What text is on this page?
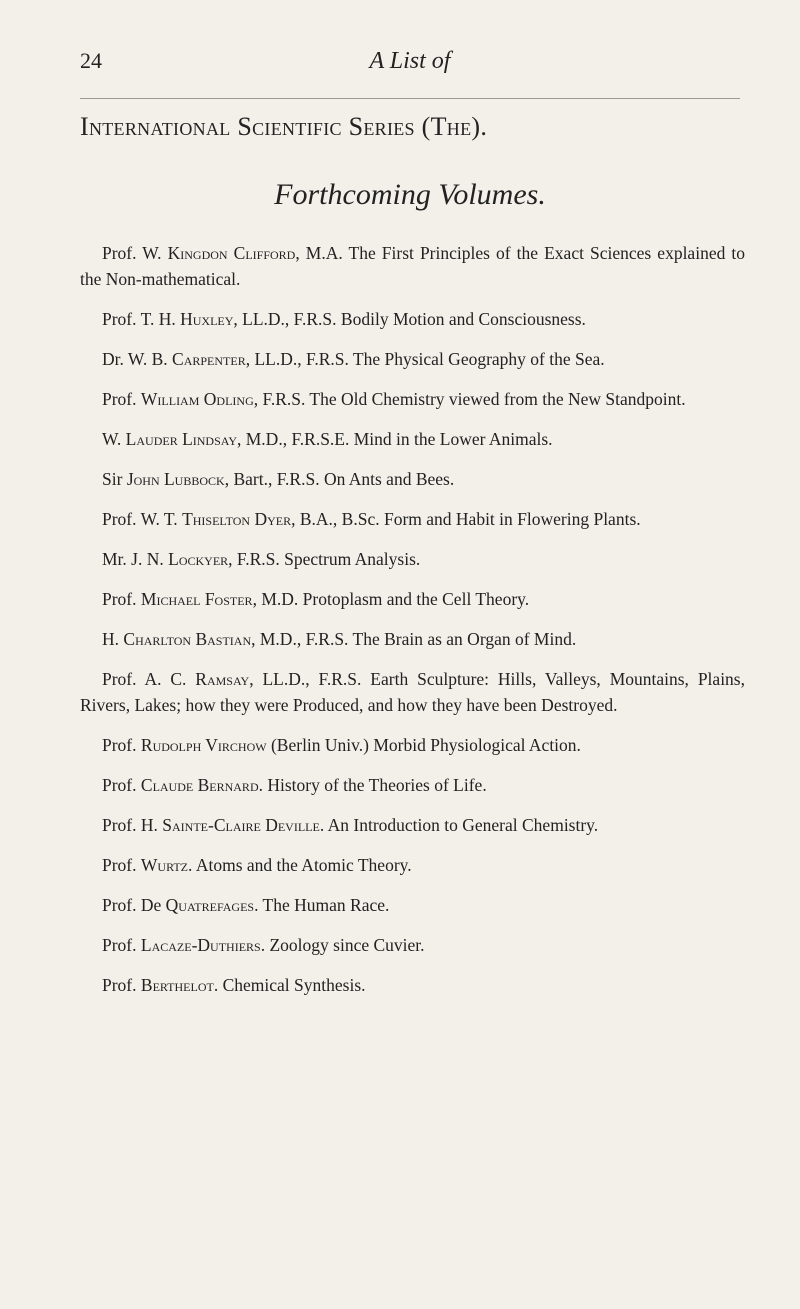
24	A List of
International Scientific Series (The).
Forthcoming Volumes.

Prof. W. Kingdon Clifford, M.A. The First Principles of the Exact Sciences explained to the Non-mathematical.

Prof. T. H. Huxley, LL.D., F.R.S. Bodily Motion and Consciousness.

Dr. W. B. Carpenter, LL.D., F.R.S. The Physical Geography of the Sea.

Prof. William Odling, F.R.S. The Old Chemistry viewed from the New Standpoint.

W. Lauder Lindsay, M.D., F.R.S.E. Mind in the Lower Animals.

Sir John Lubbock, Bart., F.R.S. On Ants and Bees.

Prof. W. T. Thiselton Dyer, B.A., B.Sc. Form and Habit in Flowering Plants.

Mr. J. N. Lockyer, F.R.S. Spectrum Analysis.

Prof. Michael Foster, M.D. Protoplasm and the Cell Theory.

H. Charlton Bastian, M.D., F.R.S. The Brain as an Organ of Mind.

Prof. A. C. Ramsay, LL.D., F.R.S. Earth Sculpture: Hills, Valleys, Mountains, Plains, Rivers, Lakes; how they were Produced, and how they have been Destroyed.

Prof. Rudolph Virchow (Berlin Univ.) Morbid Physiological Action.

Prof. Claude Bernard. History of the Theories of Life.

Prof. H. Sainte-Claire Deville. An Introduction to General Chemistry.

Prof. Wurtz. Atoms and the Atomic Theory.

Prof. De Quatrefages. The Human Race.

Prof. Lacaze-Duthiers. Zoology since Cuvier.

Prof. Berthelot. Chemical Synthesis.
